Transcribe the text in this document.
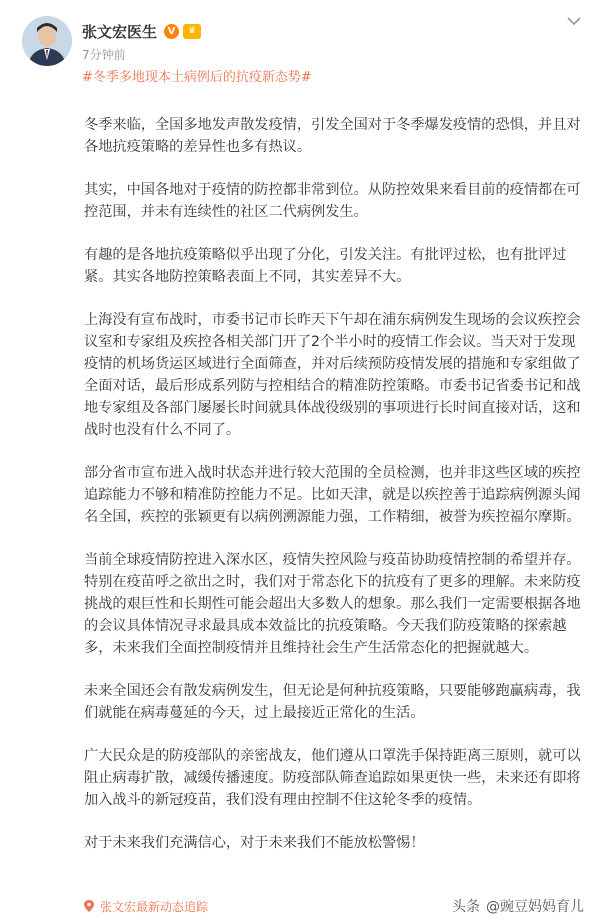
张文宏医生	V	♛
7分钟前
#冬季多地现本土病例后的抗疫新态势#

冬季来临，全国多地发声散发疫情，引发全国对于冬季爆发疫情的恐惧，并且对各地抗疫策略的差异性也多有热议。

其实，中国各地对于疫情的防控都非常到位。从防控效果来看目前的疫情都在可控范围，并未有连续性的社区二代病例发生。

有趣的是各地抗疫策略似乎出现了分化，引发关注。有批评过松，也有批评过紧。其实各地防控策略表面上不同，其实差异不大。

上海没有宣布战时，市委书记市长昨天下午却在浦东病例发生现场的会议疾控会议室和专家组及疾控各相关部门开了2个半小时的疫情工作会议。当天对于发现疫情的机场货运区域进行全面筛查，并对后续预防疫情发展的措施和专家组做了全面对话，最后形成系列防与控相结合的精准防控策略。市委书记省委书记和战地专家组及各部门屡屡长时间就具体战役级别的事项进行长时间直接对话，这和战时也没有什么不同了。

部分省市宣布进入战时状态并进行较大范围的全员检测，也并非这些区域的疾控追踪能力不够和精准防控能力不足。比如天津，就是以疾控善于追踪病例源头闻名全国，疾控的张颖更有以病例溯源能力强，工作精细，被誉为疾控福尔摩斯。

当前全球疫情防控进入深水区，疫情失控风险与疫苗协助疫情控制的希望并存。特别在疫苗呼之欲出之时，我们对于常态化下的抗疫有了更多的理解。未来防疫挑战的艰巨性和长期性可能会超出大多数人的想象。那么我们一定需要根据各地的会议具体情况寻求最具成本效益比的抗疫策略。今天我们防疫策略的探索越多，未来我们全面控制疫情并且维持社会生产生活常态化的把握就越大。

未来全国还会有散发病例发生，但无论是何种抗疫策略，只要能够跑赢病毒，我们就能在病毒蔓延的今天，过上最接近正常化的生活。

广大民众是的防疫部队的亲密战友，他们遵从口罩洗手保持距离三原则，就可以阻止病毒扩散，减缓传播速度。防疫部队筛查追踪如果更快一些，未来还有即将加入战斗的新冠疫苗，我们没有理由控制不住这轮冬季的疫情。

对于未来我们充满信心，对于未来我们不能放松警惕！

张文宏最新动态追踪	头条 @豌豆妈妈育儿
